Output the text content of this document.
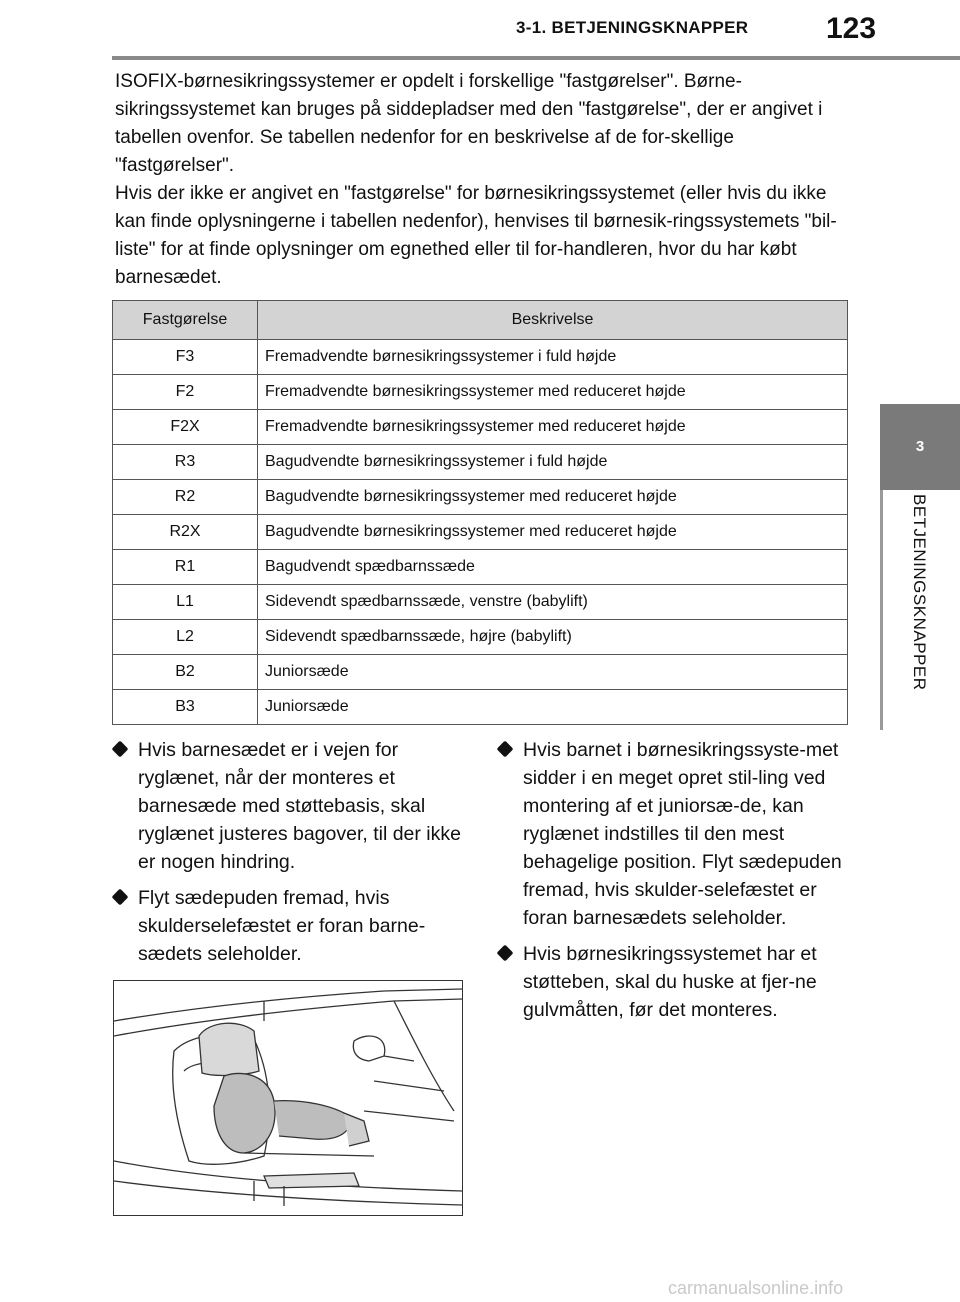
3-1. BETJENINGSKNAPPER	123
3
BETJENINGSKNAPPER

ISOFIX-børnesikringssystemer er opdelt i forskellige "fastgørelser". Børne-sikringssystemet kan bruges på siddepladser med den "fastgørelse", der er angivet i tabellen ovenfor. Se tabellen nedenfor for en beskrivelse af de for-skellige "fastgørelser".

Hvis der ikke er angivet en "fastgørelse" for børnesikringssystemet (eller hvis du ikke kan finde oplysningerne i tabellen nedenfor), henvises til børnesik-ringssystemets "bil-liste" for at finde oplysninger om egnethed eller til for-handleren, hvor du har købt barnesædet.

Fastgørelse	Beskrivelse
F3	Fremadvendte børnesikringssystemer i fuld højde
F2	Fremadvendte børnesikringssystemer med reduceret højde
F2X	Fremadvendte børnesikringssystemer med reduceret højde
R3	Bagudvendte børnesikringssystemer i fuld højde
R2	Bagudvendte børnesikringssystemer med reduceret højde
R2X	Bagudvendte børnesikringssystemer med reduceret højde
R1	Bagudvendt spædbarnssæde
L1	Sidevendt spædbarnssæde, venstre (babylift)
L2	Sidevendt spædbarnssæde, højre (babylift)
B2	Juniorsæde
B3	Juniorsæde
Hvis barnesædet er i vejen for ryglænet, når der monteres et barnesæde med støttebasis, skal ryglænet justeres bagover, til der ikke er nogen hindring.
Flyt sædepuden fremad, hvis skulderselefæstet er foran barne-sædets seleholder.
Hvis barnet i børnesikringssyste-met sidder i en meget opret stil-ling ved montering af et juniorsæ-de, kan ryglænet indstilles til den mest behagelige position. Flyt sædepuden fremad, hvis skulder-selefæstet er foran barnesædets seleholder.
Hvis børnesikringssystemet har et støtteben, skal du huske at fjer-ne gulvmåtten, før det monteres.
carmanualsonline.info
